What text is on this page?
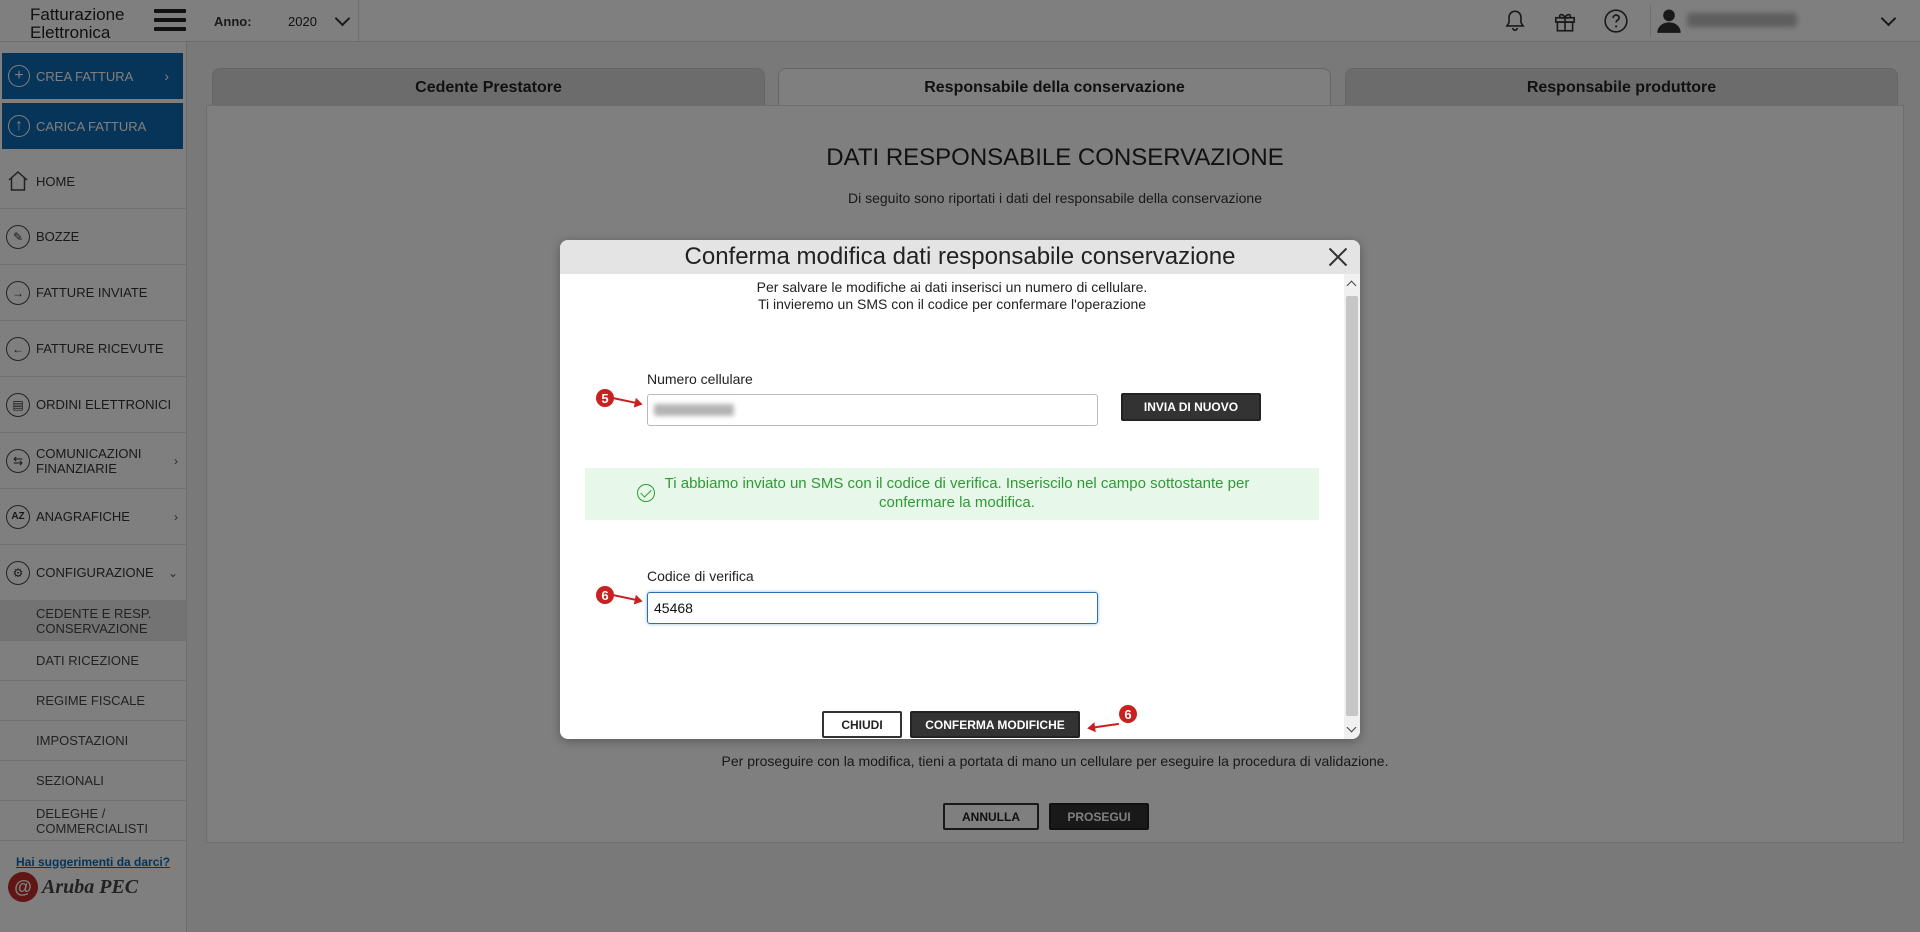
Conferma modifica dati responsabile conservazione
Per salvare le modifiche ai dati inserisci un numero di cellulare.
Ti invieremo un SMS con il codice per confermare l'operazione
Numero cellulare
5
INVIA DI NUOVO
Ti abbiamo inviato un SMS con il codice di verifica. Inseriscilo nel campo sottostante per confermare la modifica.
Codice di verifica
6
45468
CHIUDI	CONFERMA MODIFICHE
6
